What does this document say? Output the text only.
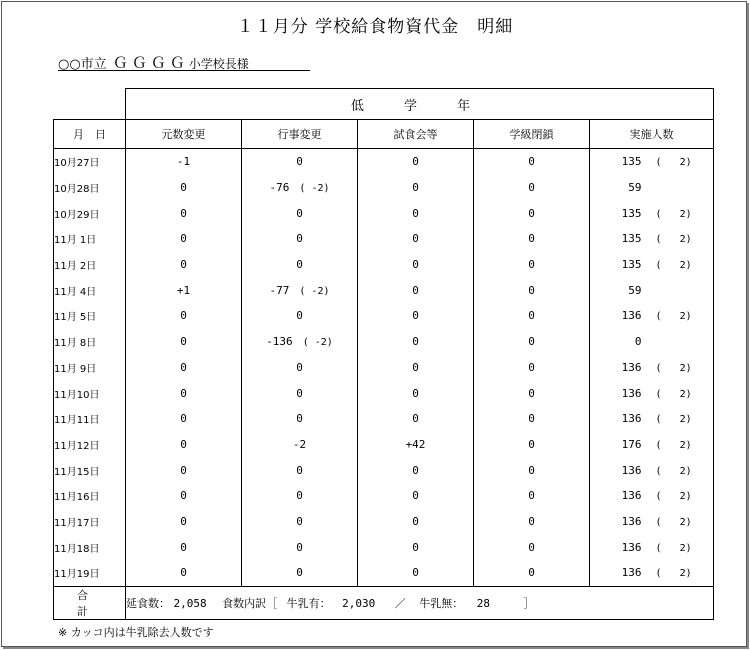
１１月分 学校給食物資代金　明細
○○市立 ＧＧＧＧ小学校長様
	低 学 年				
月　日	元数変更	行事変更	試食会等	学級閉鎖	実施人数
10月27日	-1	0	0	0	135 (   2)
10月28日	0	-76 ( -2)	0	0	59
10月29日	0	0	0	0	135 (   2)
11月 1日	0	0	0	0	135 (   2)
11月 2日	0	0	0	0	135 (   2)
11月 4日	+1	-77 ( -2)	0	0	59
11月 5日	0	0	0	0	136 (   2)
11月 8日	0	-136 ( -2)	0	0	0
11月 9日	0	0	0	0	136 (   2)
11月10日	0	0	0	0	136 (   2)
11月11日	0	0	0	0	136 (   2)
11月12日	0	-2	+42	0	176 (   2)
11月15日	0	0	0	0	136 (   2)
11月16日	0	0	0	0	136 (   2)
11月17日	0	0	0	0	136 (   2)
11月18日	0	0	0	0	136 (   2)
11月19日	0	0	0	0	136 (   2)
合　計	延食数： 2,058 食数内訳［ 牛乳有： 2,030 ／ 牛乳無： 28 ］				
※ カッコ内は牛乳除去人数です
